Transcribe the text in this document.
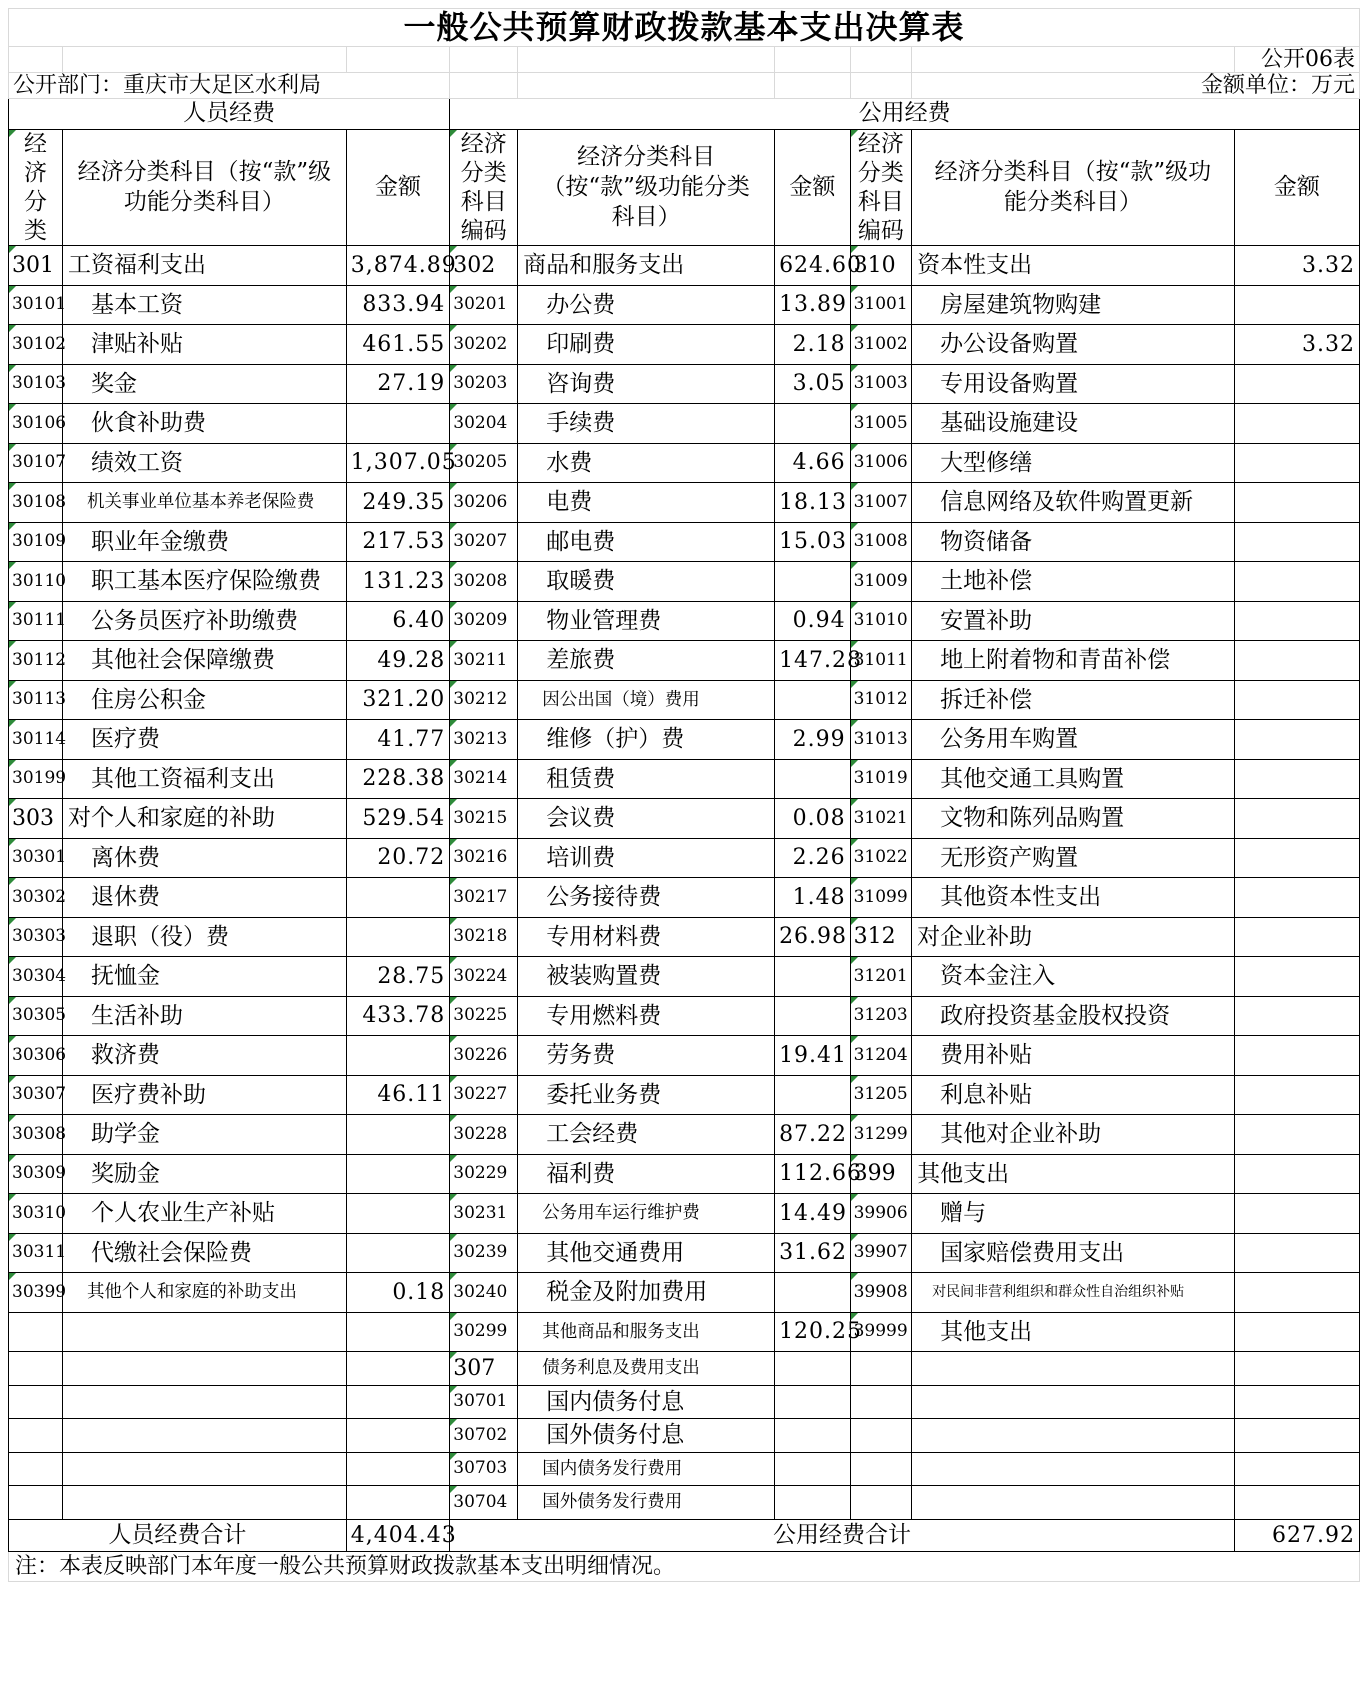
一般公共预算财政拨款基本支出决算表								
								公开06表
公开部门：重庆市大足区水利局							金额单位：万元	
人员经费			公用经费					
经济分类	经济分类科目（按“款”级功能分类科目）	金额	经济分类科目编码	经济分类科目（按“款”级功能分类科目）	金额	经济分类科目编码	经济分类科目（按“款”级功能分类科目）	金额
301	工资福利支出	3,874.89	302	商品和服务支出	624.60	310	资本性支出	3.32
30101	基本工资	833.94	30201	办公费	13.89	31001	房屋建筑物购建	
30102	津贴补贴	461.55	30202	印刷费	2.18	31002	办公设备购置	3.32
30103	奖金	27.19	30203	咨询费	3.05	31003	专用设备购置	
30106	伙食补助费		30204	手续费		31005	基础设施建设	
30107	绩效工资	1,307.05	30205	水费	4.66	31006	大型修缮	
30108	机关事业单位基本养老保险费	249.35	30206	电费	18.13	31007	信息网络及软件购置更新	
30109	职业年金缴费	217.53	30207	邮电费	15.03	31008	物资储备	
30110	职工基本医疗保险缴费	131.23	30208	取暖费		31009	土地补偿	
30111	公务员医疗补助缴费	6.40	30209	物业管理费	0.94	31010	安置补助	
30112	其他社会保障缴费	49.28	30211	差旅费	147.28	31011	地上附着物和青苗补偿	
30113	住房公积金	321.20	30212	因公出国（境）费用		31012	拆迁补偿	
30114	医疗费	41.77	30213	维修（护）费	2.99	31013	公务用车购置	
30199	其他工资福利支出	228.38	30214	租赁费		31019	其他交通工具购置	
303	对个人和家庭的补助	529.54	30215	会议费	0.08	31021	文物和陈列品购置	
30301	离休费	20.72	30216	培训费	2.26	31022	无形资产购置	
30302	退休费		30217	公务接待费	1.48	31099	其他资本性支出	
30303	退职（役）费		30218	专用材料费	26.98	312	对企业补助	
30304	抚恤金	28.75	30224	被装购置费		31201	资本金注入	
30305	生活补助	433.78	30225	专用燃料费		31203	政府投资基金股权投资	
30306	救济费		30226	劳务费	19.41	31204	费用补贴	
30307	医疗费补助	46.11	30227	委托业务费		31205	利息补贴	
30308	助学金		30228	工会经费	87.22	31299	其他对企业补助	
30309	奖励金		30229	福利费	112.66	399	其他支出	
30310	个人农业生产补贴		30231	公务用车运行维护费	14.49	39906	赠与	
30311	代缴社会保险费		30239	其他交通费用	31.62	39907	国家赔偿费用支出	
30399	其他个人和家庭的补助支出	0.18	30240	税金及附加费用		39908	对民间非营利组织和群众性自治组织补贴	
			30299	其他商品和服务支出	120.25	39999	其他支出	
			307	债务利息及费用支出				
			30701	国内债务付息				
			30702	国外债务付息				
			30703	国内债务发行费用				
			30704	国外债务发行费用				
人员经费合计		4,404.43	公用经费合计					627.92
注：本表反映部门本年度一般公共预算财政拨款基本支出明细情况。								
